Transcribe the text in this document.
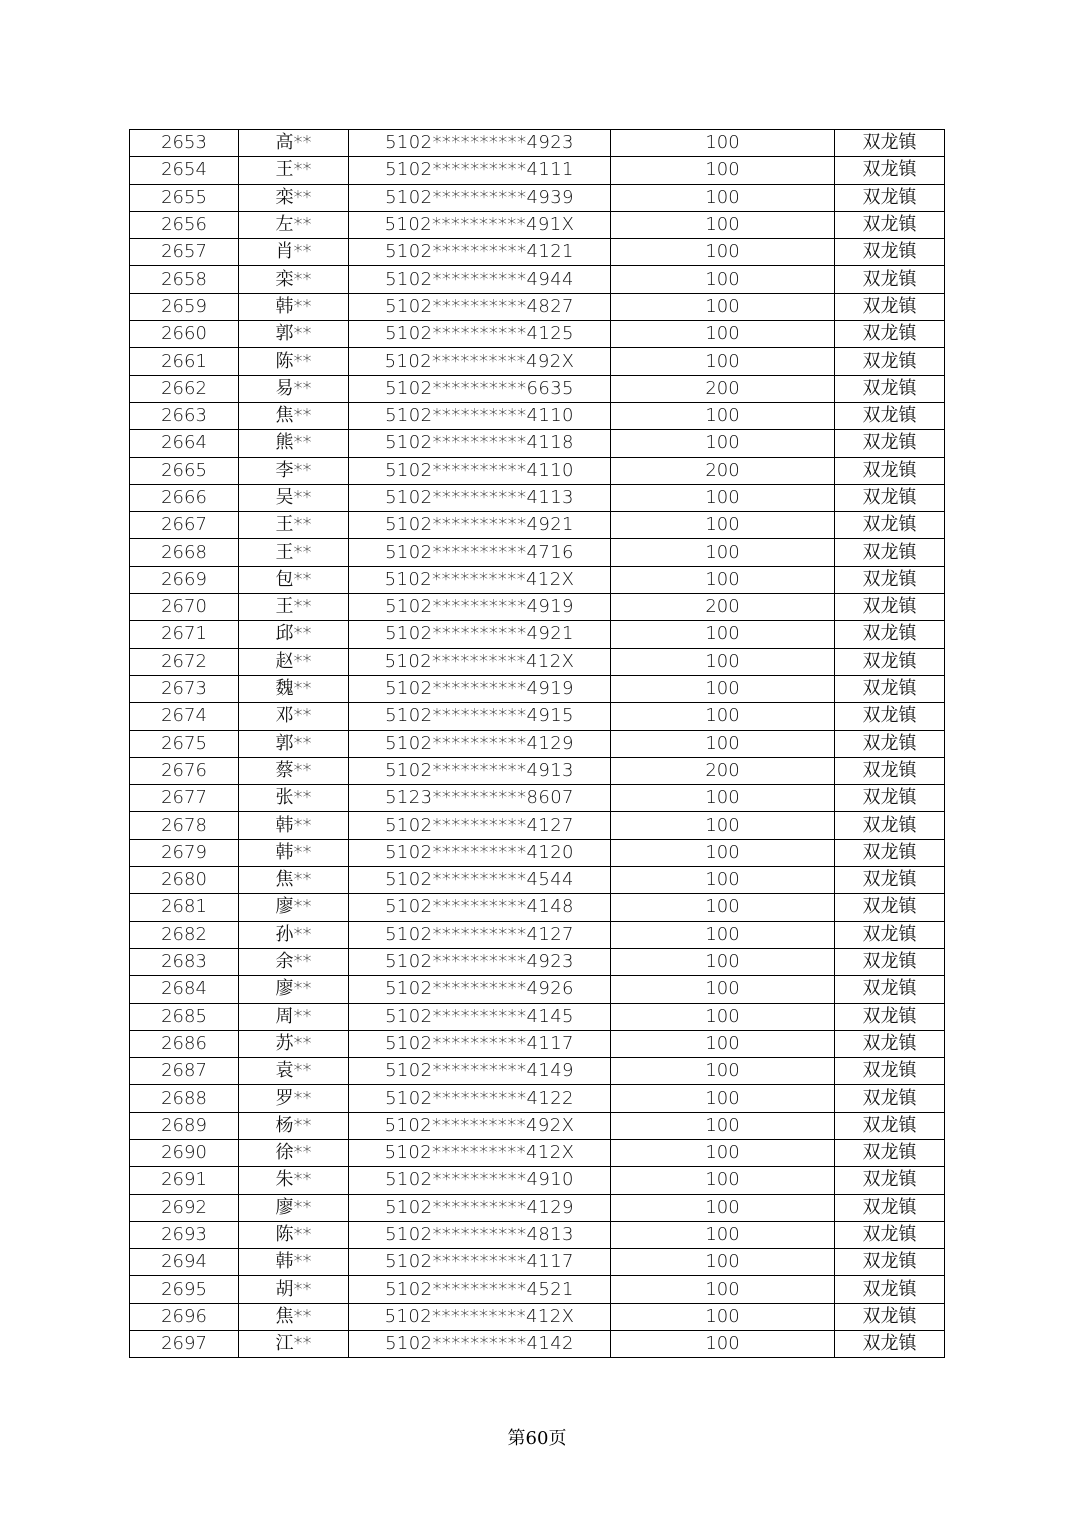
2653	高**	5102**********4923	100	双龙镇
2654	王**	5102**********4111	100	双龙镇
2655	栾**	5102**********4939	100	双龙镇
2656	左**	5102**********491X	100	双龙镇
2657	肖**	5102**********4121	100	双龙镇
2658	栾**	5102**********4944	100	双龙镇
2659	韩**	5102**********4827	100	双龙镇
2660	郭**	5102**********4125	100	双龙镇
2661	陈**	5102**********492X	100	双龙镇
2662	易**	5102**********6635	200	双龙镇
2663	焦**	5102**********4110	100	双龙镇
2664	熊**	5102**********4118	100	双龙镇
2665	李**	5102**********4110	200	双龙镇
2666	吴**	5102**********4113	100	双龙镇
2667	王**	5102**********4921	100	双龙镇
2668	王**	5102**********4716	100	双龙镇
2669	包**	5102**********412X	100	双龙镇
2670	王**	5102**********4919	200	双龙镇
2671	邱**	5102**********4921	100	双龙镇
2672	赵**	5102**********412X	100	双龙镇
2673	魏**	5102**********4919	100	双龙镇
2674	邓**	5102**********4915	100	双龙镇
2675	郭**	5102**********4129	100	双龙镇
2676	蔡**	5102**********4913	200	双龙镇
2677	张**	5123**********8607	100	双龙镇
2678	韩**	5102**********4127	100	双龙镇
2679	韩**	5102**********4120	100	双龙镇
2680	焦**	5102**********4544	100	双龙镇
2681	廖**	5102**********4148	100	双龙镇
2682	孙**	5102**********4127	100	双龙镇
2683	余**	5102**********4923	100	双龙镇
2684	廖**	5102**********4926	100	双龙镇
2685	周**	5102**********4145	100	双龙镇
2686	苏**	5102**********4117	100	双龙镇
2687	袁**	5102**********4149	100	双龙镇
2688	罗**	5102**********4122	100	双龙镇
2689	杨**	5102**********492X	100	双龙镇
2690	徐**	5102**********412X	100	双龙镇
2691	朱**	5102**********4910	100	双龙镇
2692	廖**	5102**********4129	100	双龙镇
2693	陈**	5102**********4813	100	双龙镇
2694	韩**	5102**********4117	100	双龙镇
2695	胡**	5102**********4521	100	双龙镇
2696	焦**	5102**********412X	100	双龙镇
2697	江**	5102**********4142	100	双龙镇
第60页
